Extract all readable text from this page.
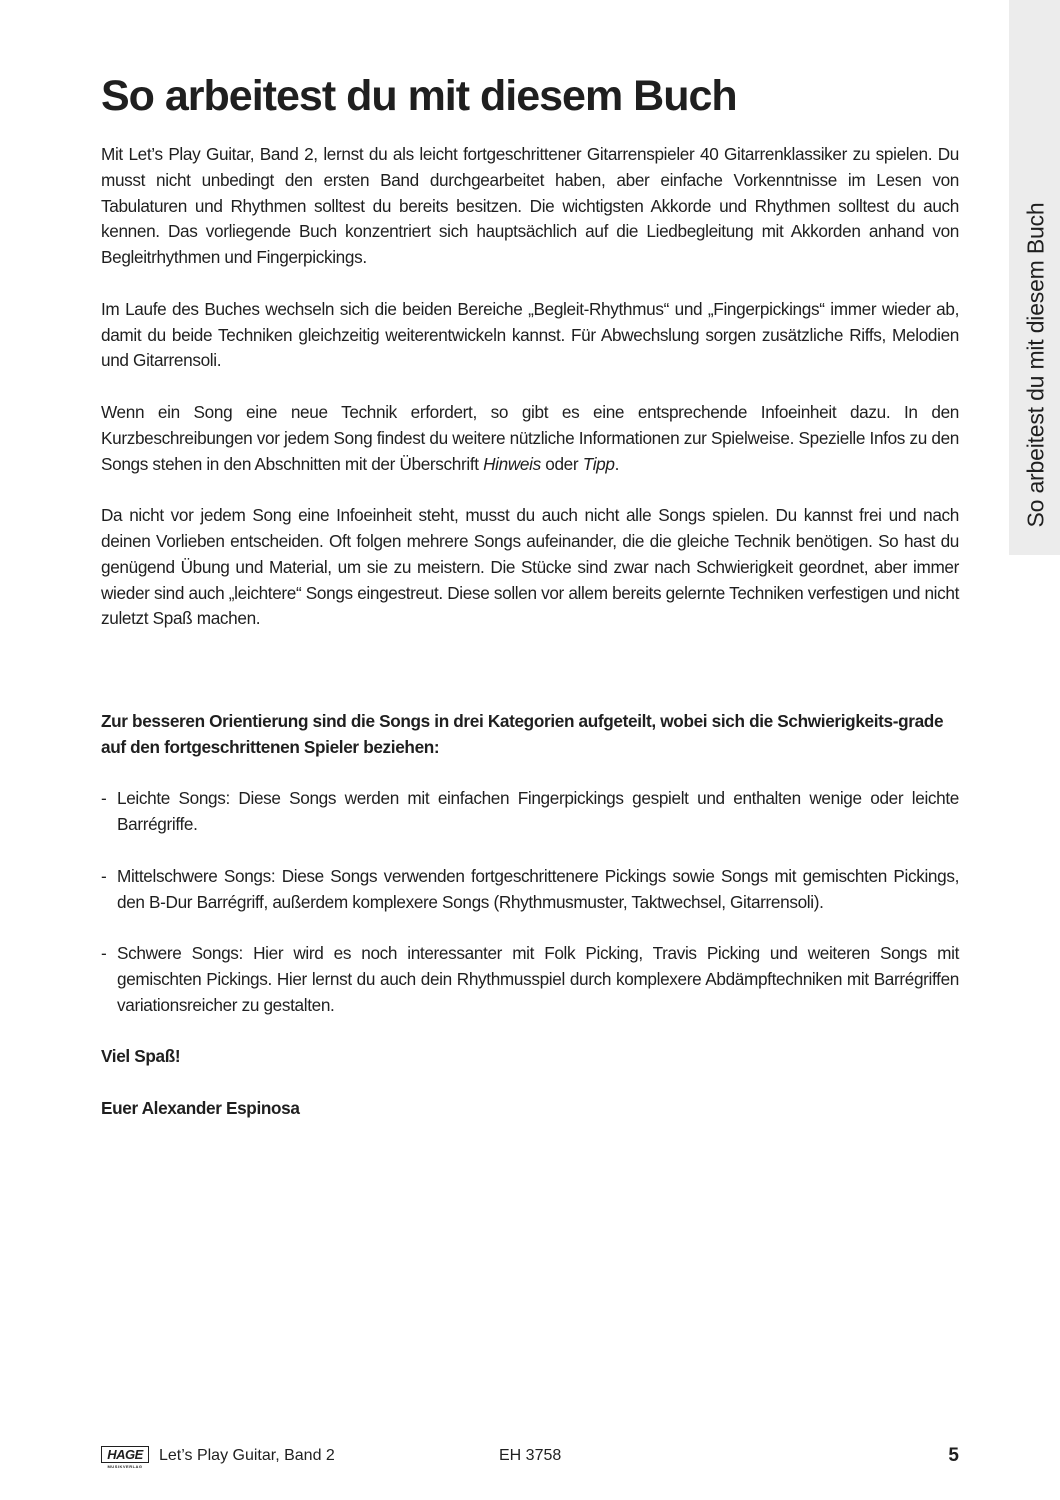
So arbeitest du mit diesem Buch
So arbeitest du mit diesem Buch

Mit Let’s Play Guitar, Band 2, lernst du als leicht fortgeschrittener Gitarrenspieler 40 Gitarrenklassiker zu spielen. Du musst nicht unbedingt den ersten Band durchgearbeitet haben, aber einfache Vorkenntnisse im Lesen von Tabulaturen und Rhythmen solltest du bereits besitzen. Die wichtigsten Akkorde und Rhythmen solltest du auch kennen. Das vorliegende Buch konzentriert sich hauptsächlich auf die Liedbegleitung mit Akkorden anhand von Begleitrhythmen und Fingerpickings.

Im Laufe des Buches wechseln sich die beiden Bereiche „Begleit-Rhythmus“ und „Fingerpickings“ immer wieder ab, damit du beide Techniken gleichzeitig weiterentwickeln kannst. Für Abwechslung sorgen zusätzliche Riffs, Melodien und Gitarrensoli.

Wenn ein Song eine neue Technik erfordert, so gibt es eine entsprechende Infoeinheit dazu. In den Kurzbeschreibungen vor jedem Song findest du weitere nützliche Informationen zur Spielweise. Spezielle Infos zu den Songs stehen in den Abschnitten mit der Überschrift Hinweis oder Tipp.

Da nicht vor jedem Song eine Infoeinheit steht, musst du auch nicht alle Songs spielen. Du kannst frei und nach deinen Vorlieben entscheiden. Oft folgen mehrere Songs aufeinander, die die gleiche Technik benötigen. So hast du genügend Übung und Material, um sie zu meistern. Die Stücke sind zwar nach Schwierigkeit geordnet, aber immer wieder sind auch „leichtere“ Songs eingestreut. Diese sollen vor allem bereits gelernte Techniken verfestigen und nicht zuletzt Spaß machen.

Zur besseren Orientierung sind die Songs in drei Kategorien aufgeteilt, wobei sich die Schwierigkeits-grade auf den fortgeschrittenen Spieler beziehen:

- Leichte Songs: Diese Songs werden mit einfachen Fingerpickings gespielt und enthalten wenige oder leichte Barrégriffe.
- Mittelschwere Songs: Diese Songs verwenden fortgeschrittenere Pickings sowie Songs mit gemischten Pickings, den B-Dur Barrégriff, außerdem komplexere Songs (Rhythmusmuster, Taktwechsel, Gitarrensoli).
- Schwere Songs: Hier wird es noch interessanter mit Folk Picking, Travis Picking und weiteren Songs mit gemischten Pickings. Hier lernst du auch dein Rhythmusspiel durch komplexere Abdämpftechniken mit Barrégriffen variationsreicher zu gestalten.

Viel Spaß!

Euer Alexander Espinosa

HAGE
MUSIKVERLAG
Let’s Play Guitar, Band 2	EH 3758	5
